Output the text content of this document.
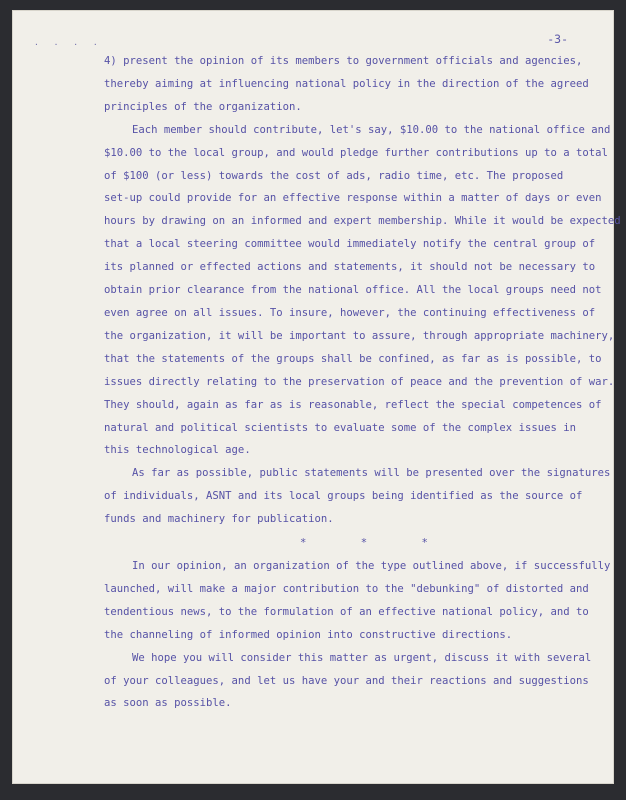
. . . .	-3-
4) present the opinion of its members to government officials and agencies,
thereby aiming at influencing national policy in the direction of the agreed
principles of the organization.
Each member should contribute, let's say, $10.00 to the national office and
$10.00 to the local group, and would pledge further contributions up to a total
of $100 (or less) towards the cost of ads, radio time, etc. The proposed
set-up could provide for an effective response within a matter of days or even
hours by drawing on an informed and expert membership. While it would be expected
that a local steering committee would immediately notify the central group of
its planned or effected actions and statements, it should not be necessary to
obtain prior clearance from the national office. All the local groups need not
even agree on all issues. To insure, however, the continuing effectiveness of
the organization, it will be important to assure, through appropriate machinery,
that the statements of the groups shall be confined, as far as is possible, to
issues directly relating to the preservation of peace and the prevention of war.
They should, again as far as is reasonable, reflect the special competences of
natural and political scientists to evaluate some of the complex issues in
this technological age.
As far as possible, public statements will be presented over the signatures
of individuals, ASNT and its local groups being identified as the source of
funds and machinery for publication.
* * *
In our opinion, an organization of the type outlined above, if successfully
launched, will make a major contribution to the "debunking" of distorted and
tendentious news, to the formulation of an effective national policy, and to
the channeling of informed opinion into constructive directions.
We hope you will consider this matter as urgent, discuss it with several
of your colleagues, and let us have your and their reactions and suggestions
as soon as possible.
